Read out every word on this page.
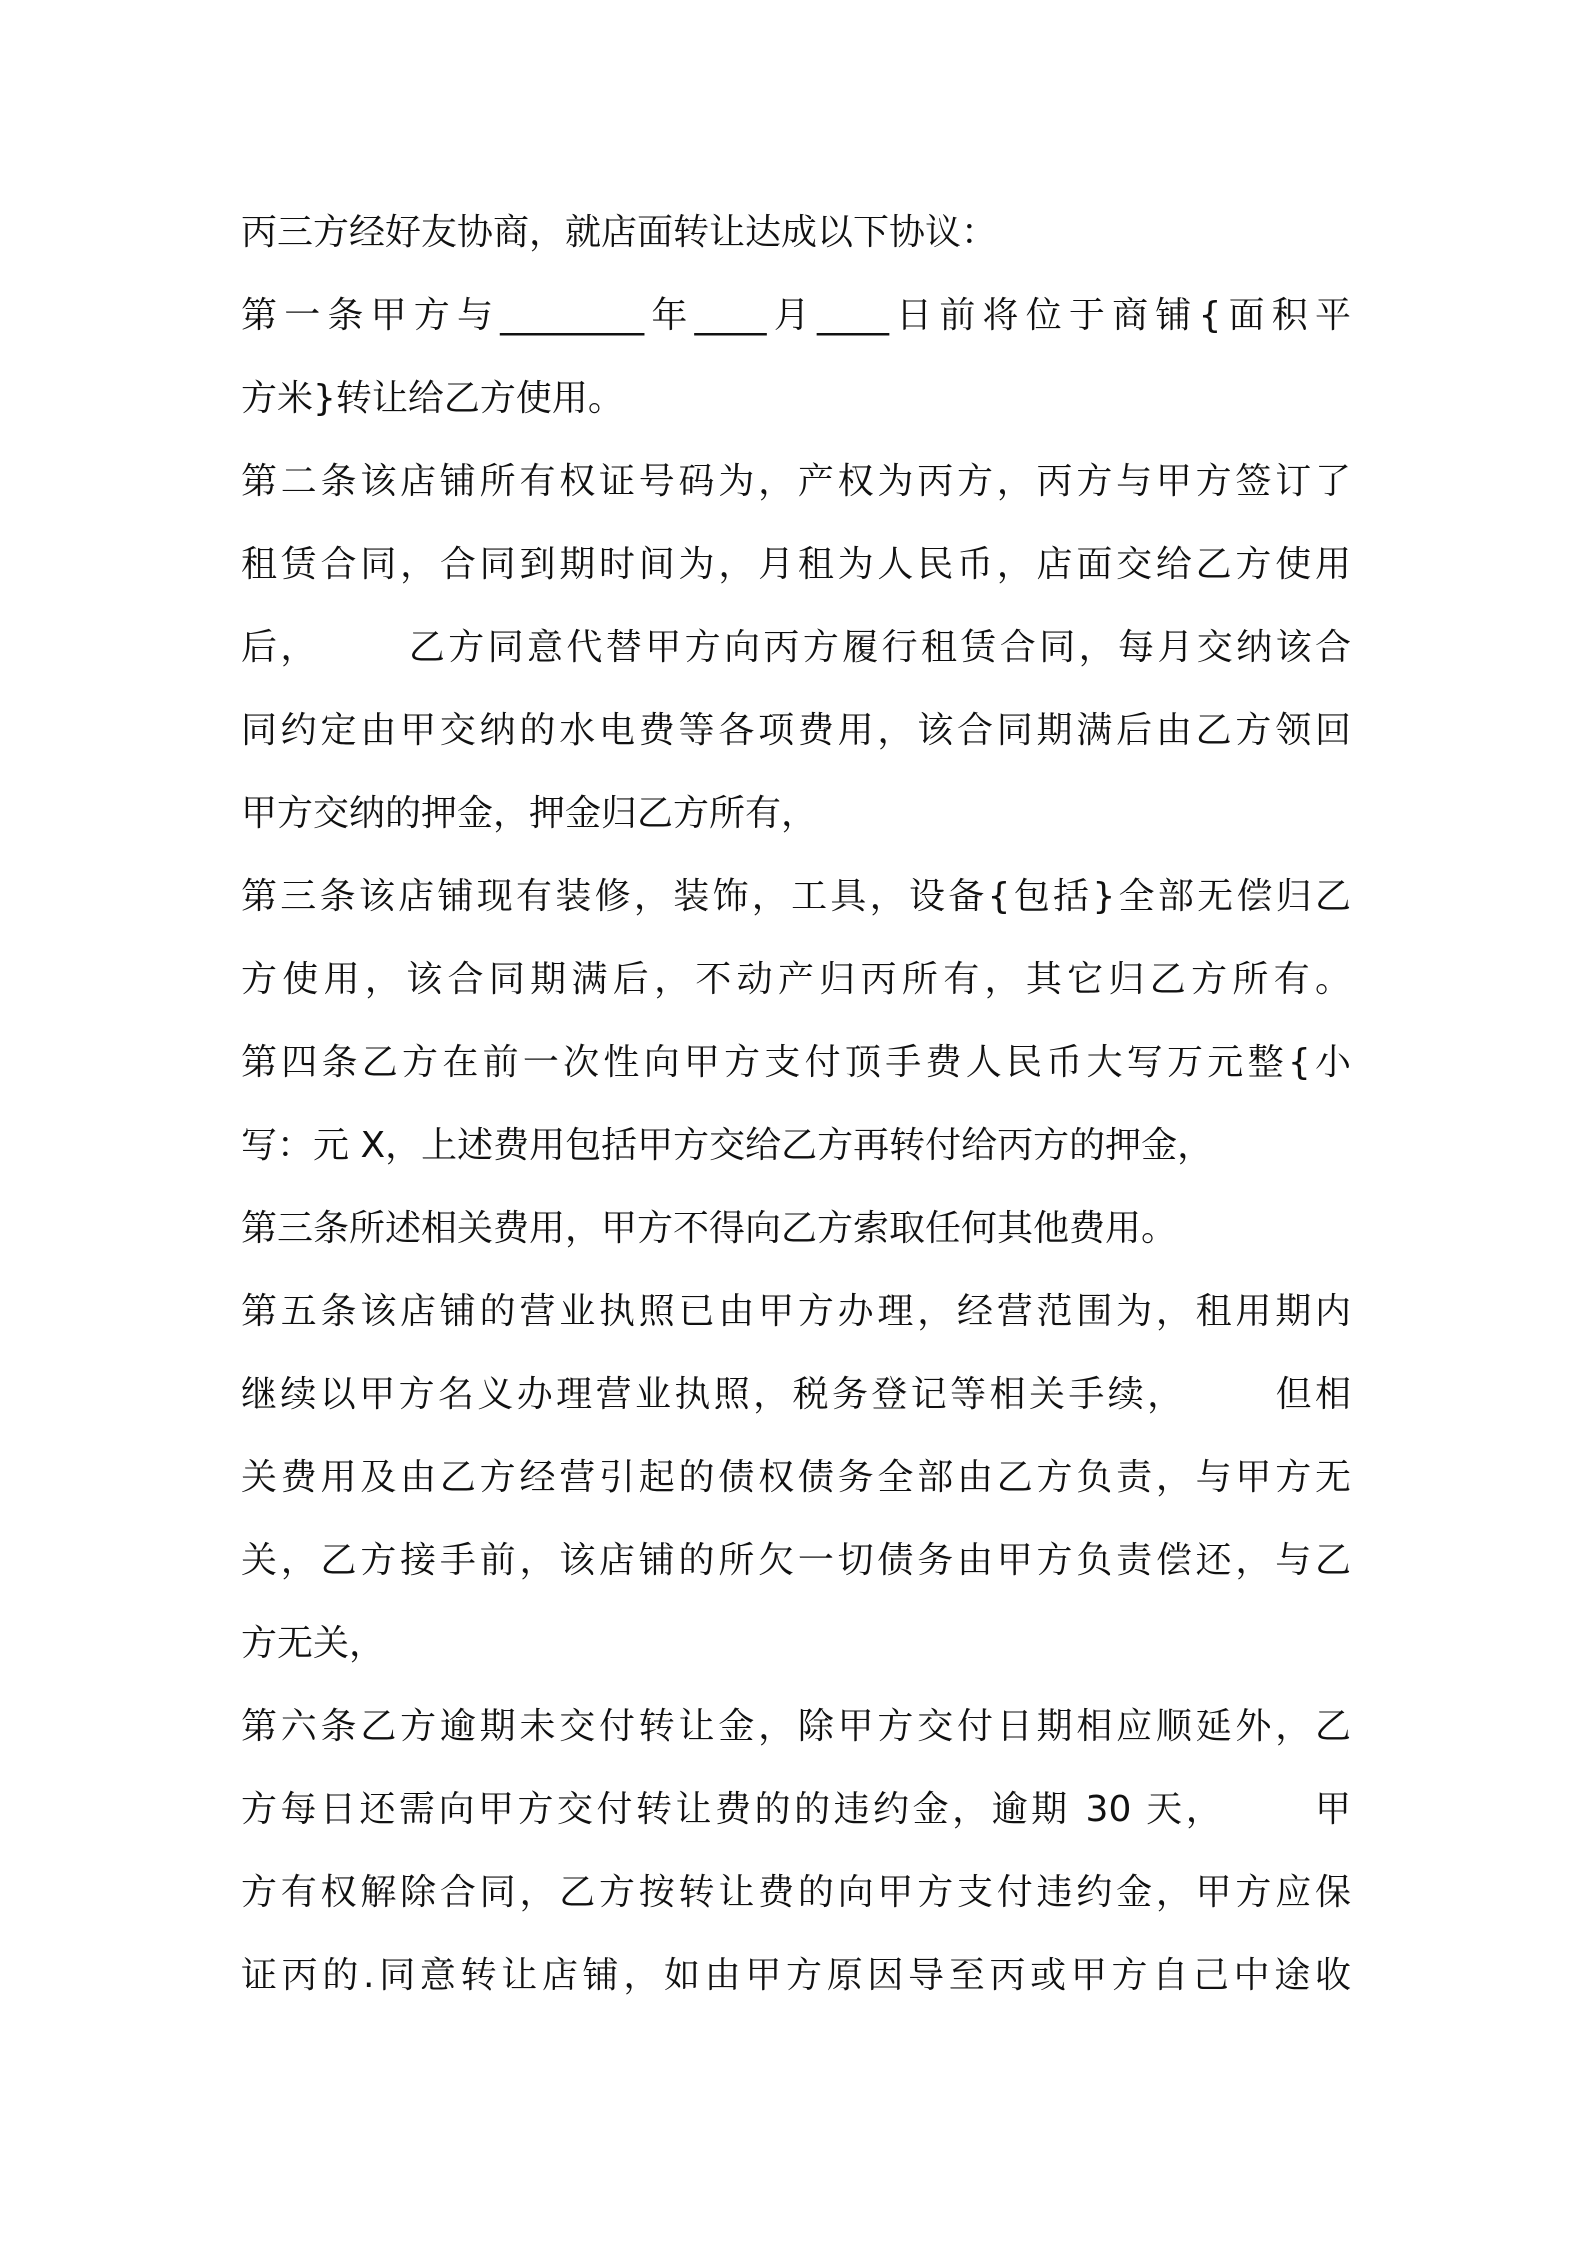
丙三方经好友协商，就店面转让达成以下协议：
第一条甲方与________年____月____日前将位于商铺{面积平
方米}转让给乙方使用。
第二条该店铺所有权证号码为，产权为丙方，丙方与甲方签订了
租赁合同，合同到期时间为，月租为人民币，店面交给乙方使用
后，      乙方同意代替甲方向丙方履行租赁合同，每月交纳该合
同约定由甲交纳的水电费等各项费用，该合同期满后由乙方领回
甲方交纳的押金，押金归乙方所有，
第三条该店铺现有装修，装饰，工具，设备{包括}全部无偿归乙
方使用，该合同期满后，不动产归丙所有，其它归乙方所有。
第四条乙方在前一次性向甲方支付顶手费人民币大写万元整{小
写：元 X，上述费用包括甲方交给乙方再转付给丙方的押金，
第三条所述相关费用，甲方不得向乙方索取任何其他费用。
第五条该店铺的营业执照已由甲方办理，经营范围为，租用期内
继续以甲方名义办理营业执照，税务登记等相关手续，      但相
关费用及由乙方经营引起的债权债务全部由乙方负责，与甲方无
关，乙方接手前，该店铺的所欠一切债务由甲方负责偿还，与乙
方无关，
第六条乙方逾期未交付转让金，除甲方交付日期相应顺延外，乙
方每日还需向甲方交付转让费的的违约金，逾期 30 天，      甲
方有权解除合同，乙方按转让费的向甲方支付违约金，甲方应保
证丙的.同意转让店铺，如由甲方原因导至丙或甲方自己中途收
